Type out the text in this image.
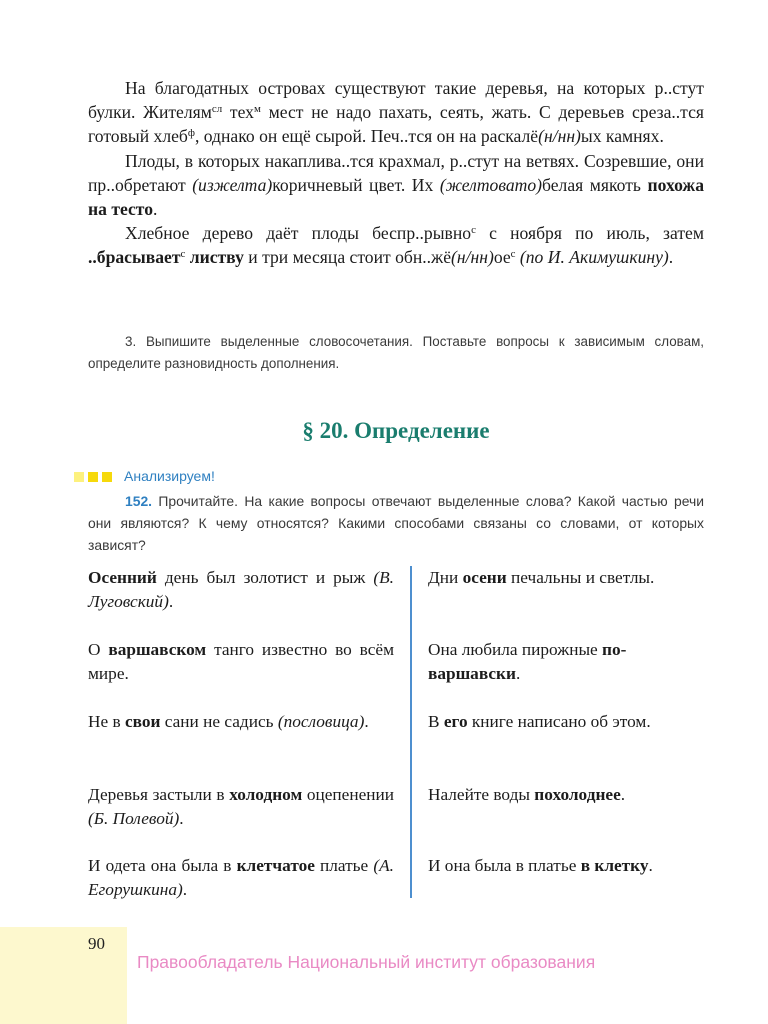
На благодатных островах существуют такие деревья, на которых р..стут булки. Жителям$^{сл}$ тех$^м$ мест не надо пахать, сеять, жать. С деревьев среза..тся готовый хлеб$^ф$, однако он ещё сырой. Печ..тся он на раскалё(н/нн)ых камнях.

Плоды, в которых накаплива..тся крахмал, р..стут на ветвях. Созревшие, они пр..обретают (изжелта)коричневый цвет. Их (желтовато)белая мякоть похожа на тесто.

Хлебное дерево даёт плоды беспр..рывно$^с$ с ноября по июль, затем ..брасывает$^с$ листву и три месяца стоит $обн..жё(н/нн)ое^с$ (по И. Акимушкину).

3. Выпишите выделенные словосочетания. Поставьте вопросы к зависимым словам, определите разновидность дополнения.

§ 20. Определение
Анализируем!

152. Прочитайте. На какие вопросы отвечают выделенные слова? Какой частью речи они являются? К чему относятся? Какими способами связаны со словами, от которых зависят?

Осенний день был золотист и рыж (В. Луговский).
О варшавском танго известно во всём мире.
Не в свои сани не садись (пословица).
Деревья застыли в холодном оцепенении (Б. Полевой).
И одета она была в клетчатое платье (А. Егорушкина).
Дни осени печальны и светлы.
Она любила пирожные по-варшавски.
В его книге написано об этом.
Налейте воды похолоднее.
И она была в платье в клетку.
90
Правообладатель Национальный институт образования
